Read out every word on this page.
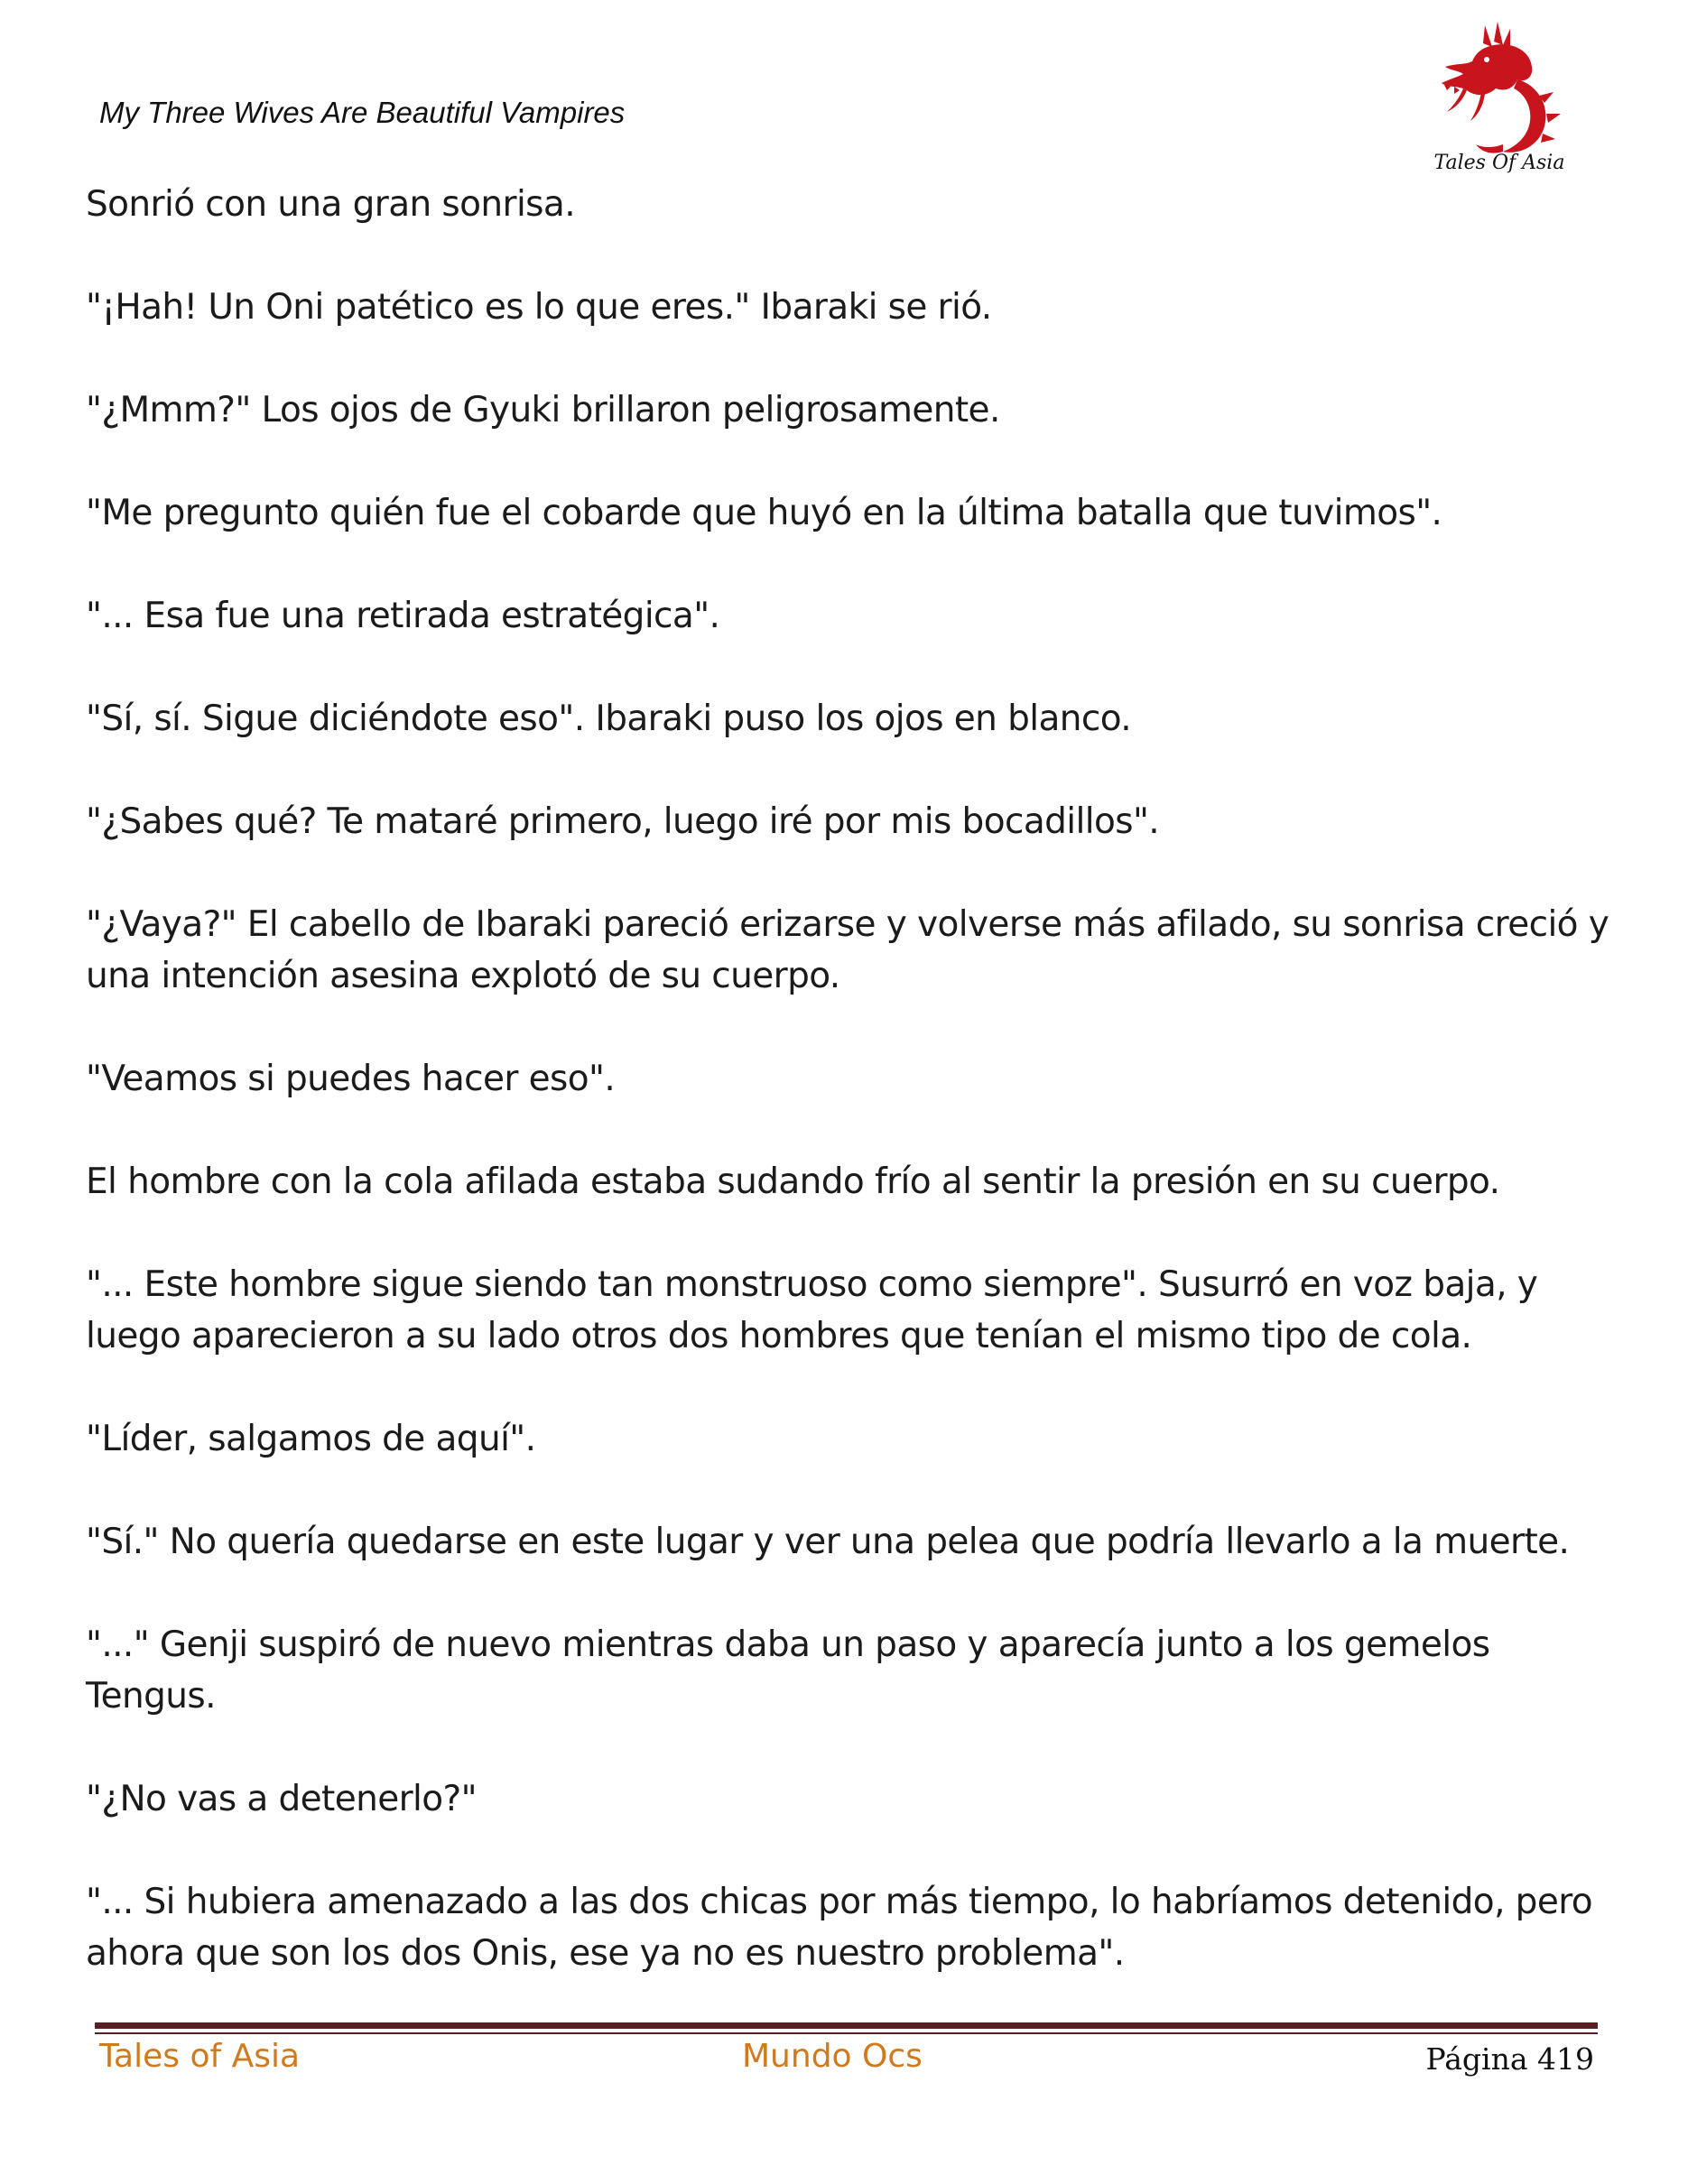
My Three Wives Are Beautiful Vampires
Tales Of Asia

Sonrió con una gran sonrisa.

"¡Hah! Un Oni patético es lo que eres." Ibaraki se rió.

"¿Mmm?" Los ojos de Gyuki brillaron peligrosamente.

"Me pregunto quién fue el cobarde que huyó en la última batalla que tuvimos".

"... Esa fue una retirada estratégica".

"Sí, sí. Sigue diciéndote eso". Ibaraki puso los ojos en blanco.

"¿Sabes qué? Te mataré primero, luego iré por mis bocadillos".

"¿Vaya?" El cabello de Ibaraki pareció erizarse y volverse más afilado, su sonrisa creció y una intención asesina explotó de su cuerpo.

"Veamos si puedes hacer eso".

El hombre con la cola afilada estaba sudando frío al sentir la presión en su cuerpo.

"... Este hombre sigue siendo tan monstruoso como siempre". Susurró en voz baja, y luego aparecieron a su lado otros dos hombres que tenían el mismo tipo de cola.

"Líder, salgamos de aquí".

"Sí." No quería quedarse en este lugar y ver una pelea que podría llevarlo a la muerte.

"..." Genji suspiró de nuevo mientras daba un paso y aparecía junto a los gemelos Tengus.

"¿No vas a detenerlo?"

"... Si hubiera amenazado a las dos chicas por más tiempo, lo habríamos detenido, pero ahora que son los dos Onis, ese ya no es nuestro problema".

Tales of Asia	Mundo Ocs	Página 419
